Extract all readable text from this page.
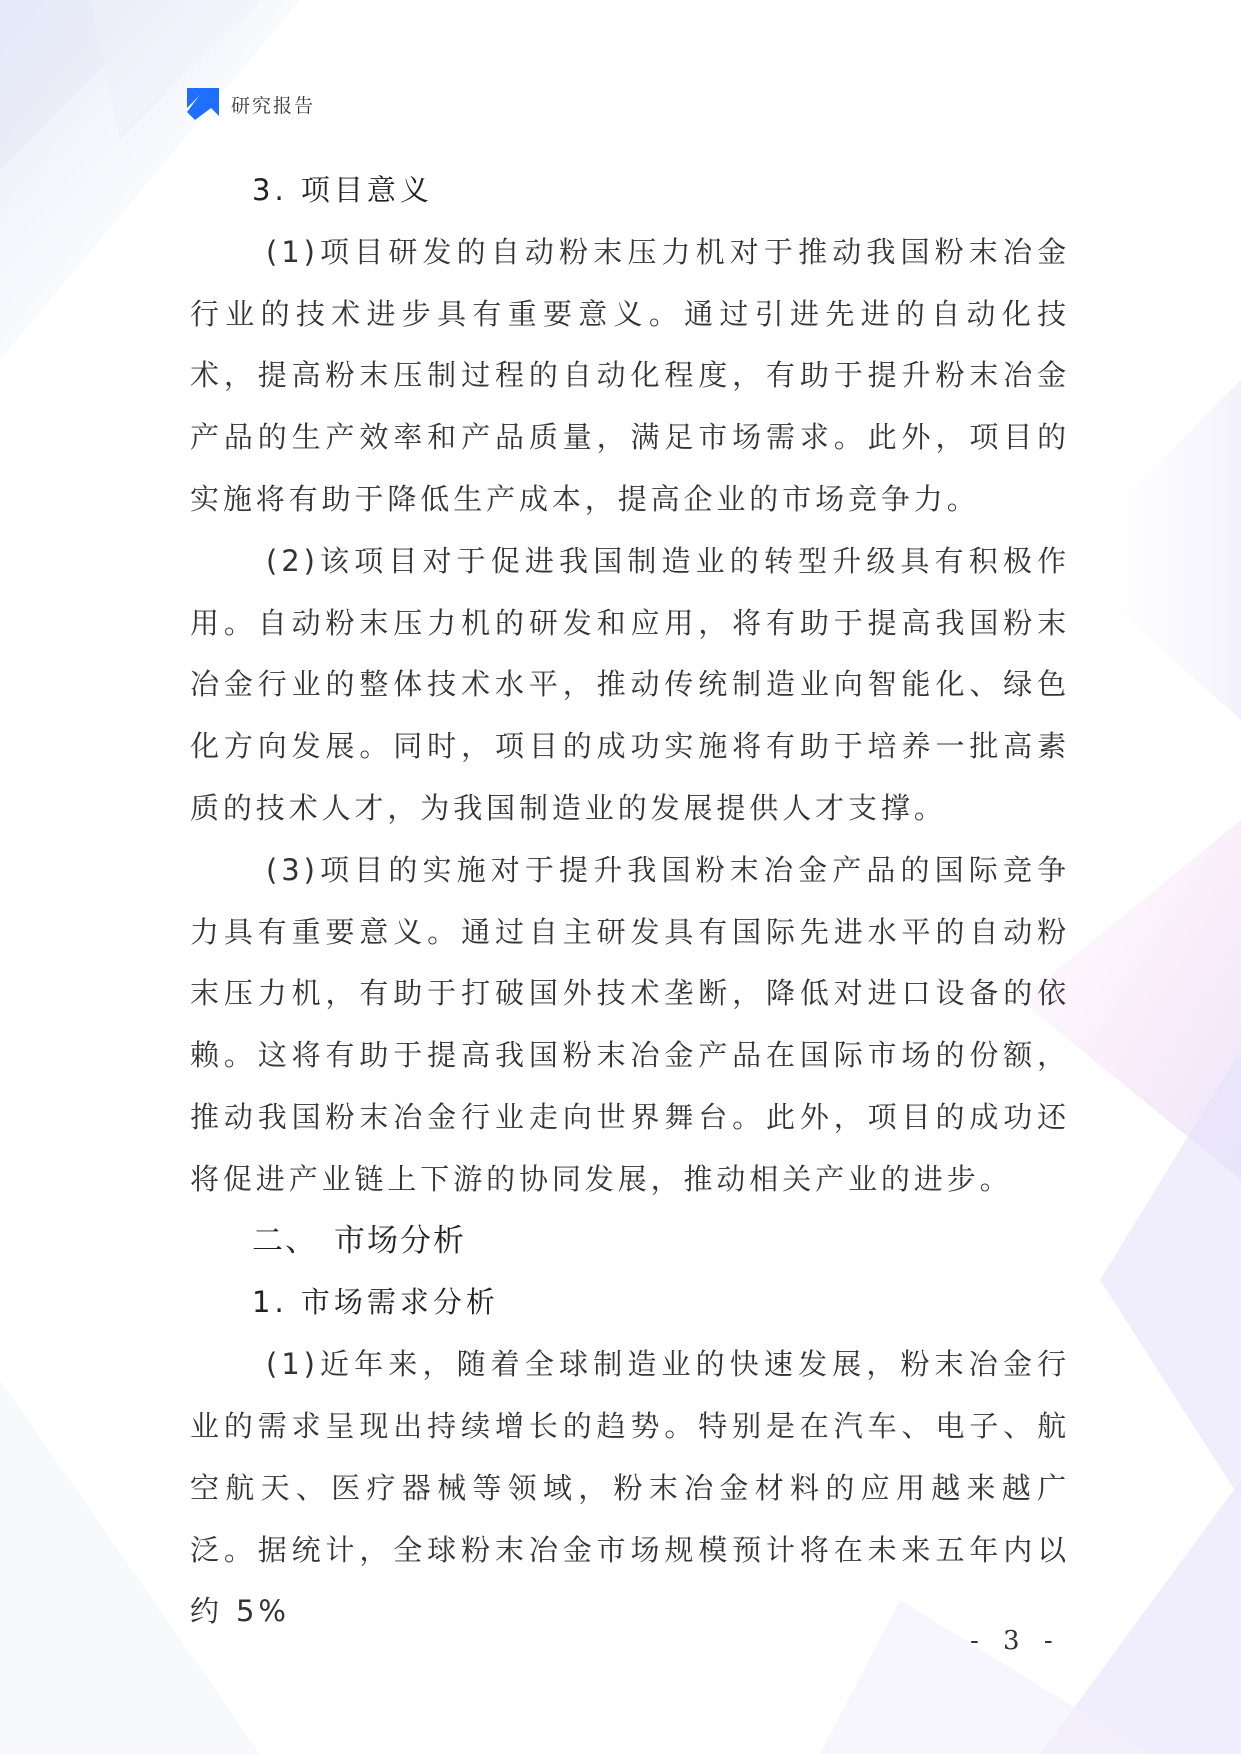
研究报告
3. 项目意义

(1)项目研发的自动粉末压力机对于推动我国粉末冶金行业的技术进步具有重要意义。通过引进先进的自动化技术，提高粉末压制过程的自动化程度，有助于提升粉末冶金产品的生产效率和产品质量，满足市场需求。此外，项目的实施将有助于降低生产成本，提高企业的市场竞争力。

(2)该项目对于促进我国制造业的转型升级具有积极作用。自动粉末压力机的研发和应用，将有助于提高我国粉末冶金行业的整体技术水平，推动传统制造业向智能化、绿色化方向发展。同时，项目的成功实施将有助于培养一批高素质的技术人才，为我国制造业的发展提供人才支撑。

(3)项目的实施对于提升我国粉末冶金产品的国际竞争力具有重要意义。通过自主研发具有国际先进水平的自动粉末压力机，有助于打破国外技术垄断，降低对进口设备的依赖。这将有助于提高我国粉末冶金产品在国际市场的份额，推动我国粉末冶金行业走向世界舞台。此外，项目的成功还将促进产业链上下游的协同发展，推动相关产业的进步。

二、 市场分析
1. 市场需求分析

(1)近年来，随着全球制造业的快速发展，粉末冶金行业的需求呈现出持续增长的趋势。特别是在汽车、电子、航空航天、医疗器械等领域，粉末冶金材料的应用越来越广泛。据统计，全球粉末冶金市场规模预计将在未来五年内以约 5%

- 3 -
